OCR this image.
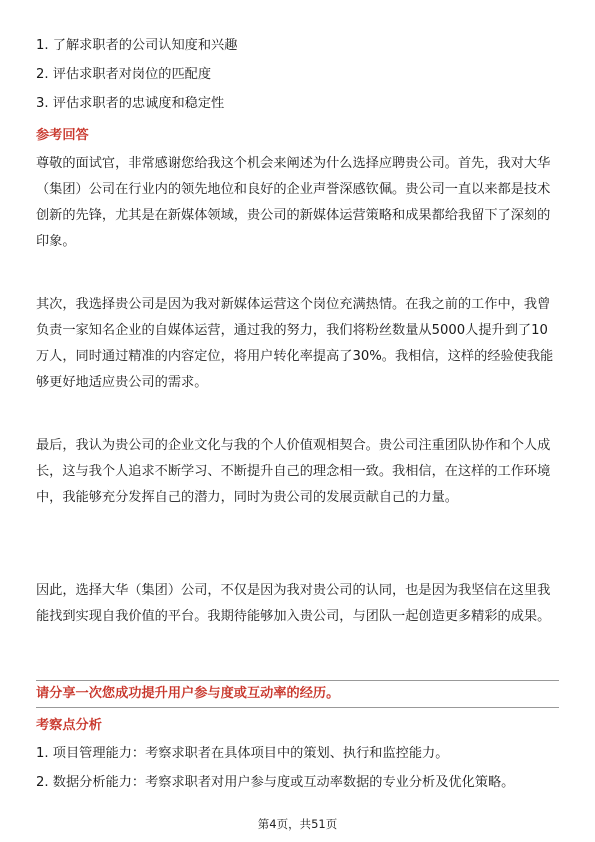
1. 了解求职者的公司认知度和兴趣
2. 评估求职者对岗位的匹配度
3. 评估求职者的忠诚度和稳定性
参考回答
尊敬的面试官，非常感谢您给我这个机会来阐述为什么选择应聘贵公司。首先，我对大华（集团）公司在行业内的领先地位和良好的企业声誉深感钦佩。贵公司一直以来都是技术创新的先锋，尤其是在新媒体领域，贵公司的新媒体运营策略和成果都给我留下了深刻的印象。
其次，我选择贵公司是因为我对新媒体运营这个岗位充满热情。在我之前的工作中，我曾负责一家知名企业的自媒体运营，通过我的努力，我们将粉丝数量从5000人提升到了10万人，同时通过精准的内容定位，将用户转化率提高了30%。我相信，这样的经验使我能够更好地适应贵公司的需求。
最后，我认为贵公司的企业文化与我的个人价值观相契合。贵公司注重团队协作和个人成长，这与我个人追求不断学习、不断提升自己的理念相一致。我相信，在这样的工作环境中，我能够充分发挥自己的潜力，同时为贵公司的发展贡献自己的力量。
因此，选择大华（集团）公司，不仅是因为我对贵公司的认同，也是因为我坚信在这里我能找到实现自我价值的平台。我期待能够加入贵公司，与团队一起创造更多精彩的成果。
请分享一次您成功提升用户参与度或互动率的经历。
考察点分析
1. 项目管理能力：考察求职者在具体项目中的策划、执行和监控能力。
2. 数据分析能力：考察求职者对用户参与度或互动率数据的专业分析及优化策略。
第4页，共51页
